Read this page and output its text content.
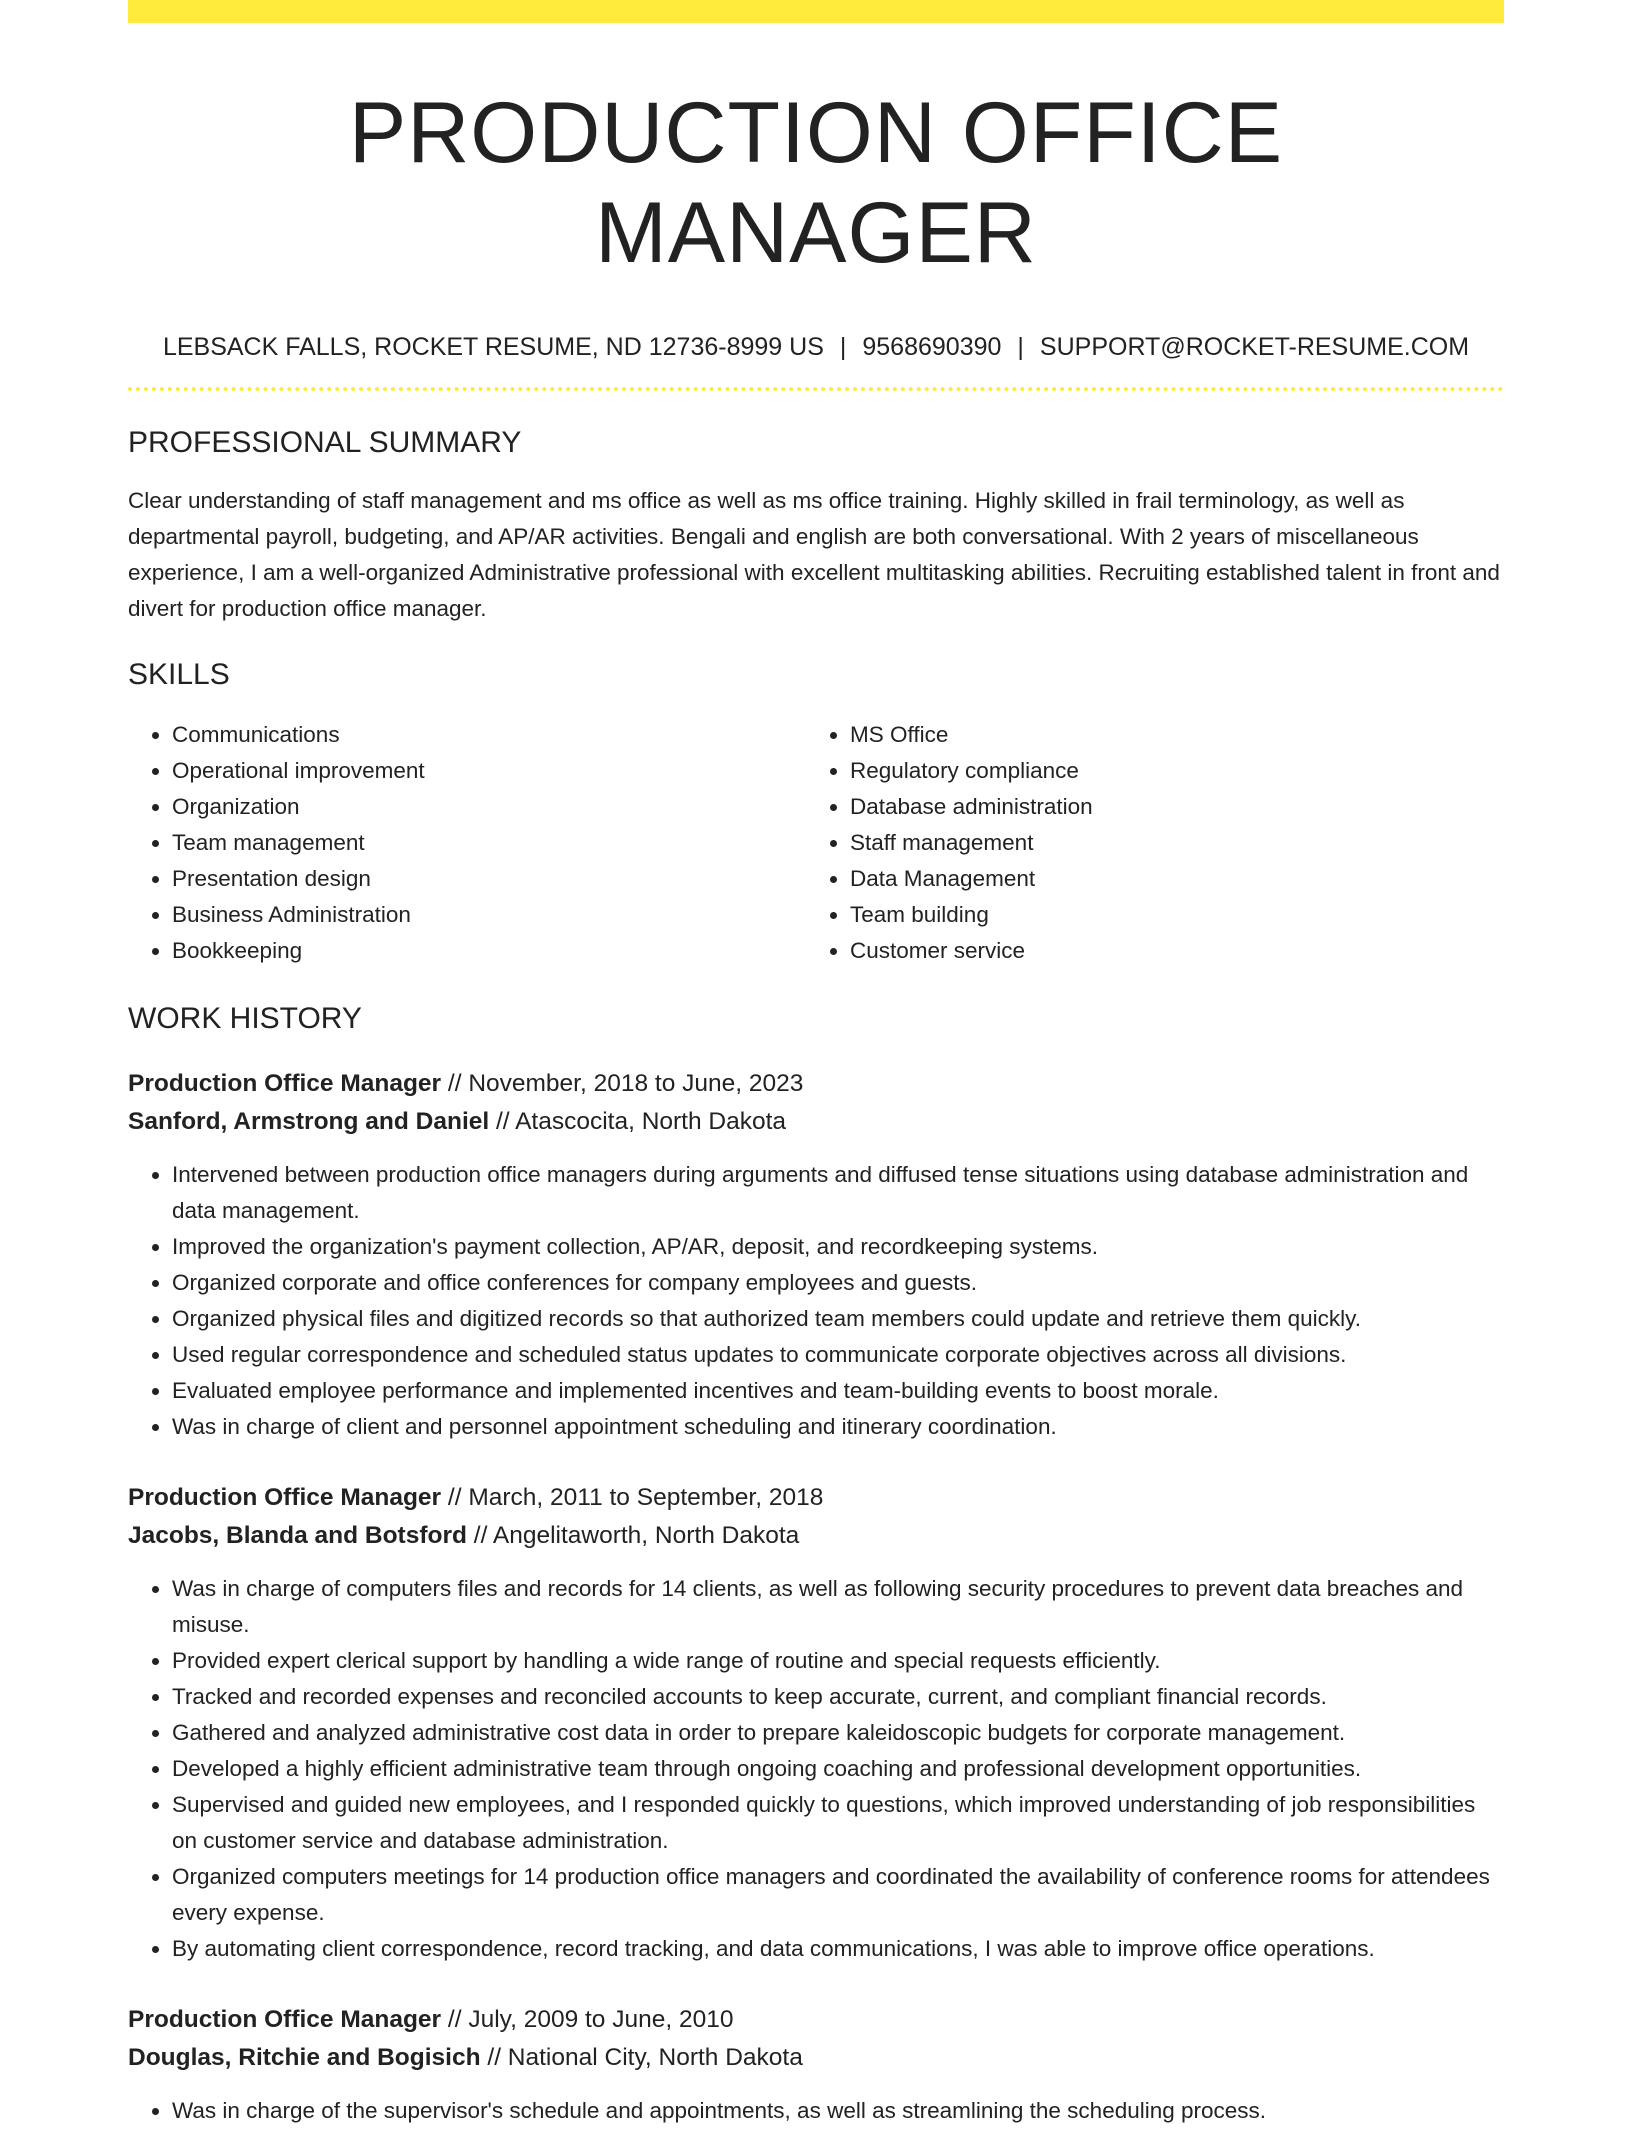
PRODUCTION OFFICE MANAGER
LEBSACK FALLS, ROCKET RESUME, ND 12736-8999 US | 9568690390 | SUPPORT@ROCKET-RESUME.COM
PROFESSIONAL SUMMARY
Clear understanding of staff management and ms office as well as ms office training. Highly skilled in frail terminology, as well as departmental payroll, budgeting, and AP/AR activities. Bengali and english are both conversational. With 2 years of miscellaneous experience, I am a well-organized Administrative professional with excellent multitasking abilities. Recruiting established talent in front and divert for production office manager.
SKILLS
• Communications
• Operational improvement
• Organization
• Team management
• Presentation design
• Business Administration
• Bookkeeping
• MS Office
• Regulatory compliance
• Database administration
• Staff management
• Data Management
• Team building
• Customer service
WORK HISTORY
Production Office Manager // November, 2018 to June, 2023
Sanford, Armstrong and Daniel // Atascocita, North Dakota
• Intervened between production office managers during arguments and diffused tense situations using database administration and data management.
• Improved the organization's payment collection, AP/AR, deposit, and recordkeeping systems.
• Organized corporate and office conferences for company employees and guests.
• Organized physical files and digitized records so that authorized team members could update and retrieve them quickly.
• Used regular correspondence and scheduled status updates to communicate corporate objectives across all divisions.
• Evaluated employee performance and implemented incentives and team-building events to boost morale.
• Was in charge of client and personnel appointment scheduling and itinerary coordination.
Production Office Manager // March, 2011 to September, 2018
Jacobs, Blanda and Botsford // Angelitaworth, North Dakota
• Was in charge of computers files and records for 14 clients, as well as following security procedures to prevent data breaches and misuse.
• Provided expert clerical support by handling a wide range of routine and special requests efficiently.
• Tracked and recorded expenses and reconciled accounts to keep accurate, current, and compliant financial records.
• Gathered and analyzed administrative cost data in order to prepare kaleidoscopic budgets for corporate management.
• Developed a highly efficient administrative team through ongoing coaching and professional development opportunities.
• Supervised and guided new employees, and I responded quickly to questions, which improved understanding of job responsibilities on customer service and database administration.
• Organized computers meetings for 14 production office managers and coordinated the availability of conference rooms for attendees every expense.
• By automating client correspondence, record tracking, and data communications, I was able to improve office operations.
Production Office Manager // July, 2009 to June, 2010
Douglas, Ritchie and Bogisich // National City, North Dakota
• Was in charge of the supervisor's schedule and appointments, as well as streamlining the scheduling process.
